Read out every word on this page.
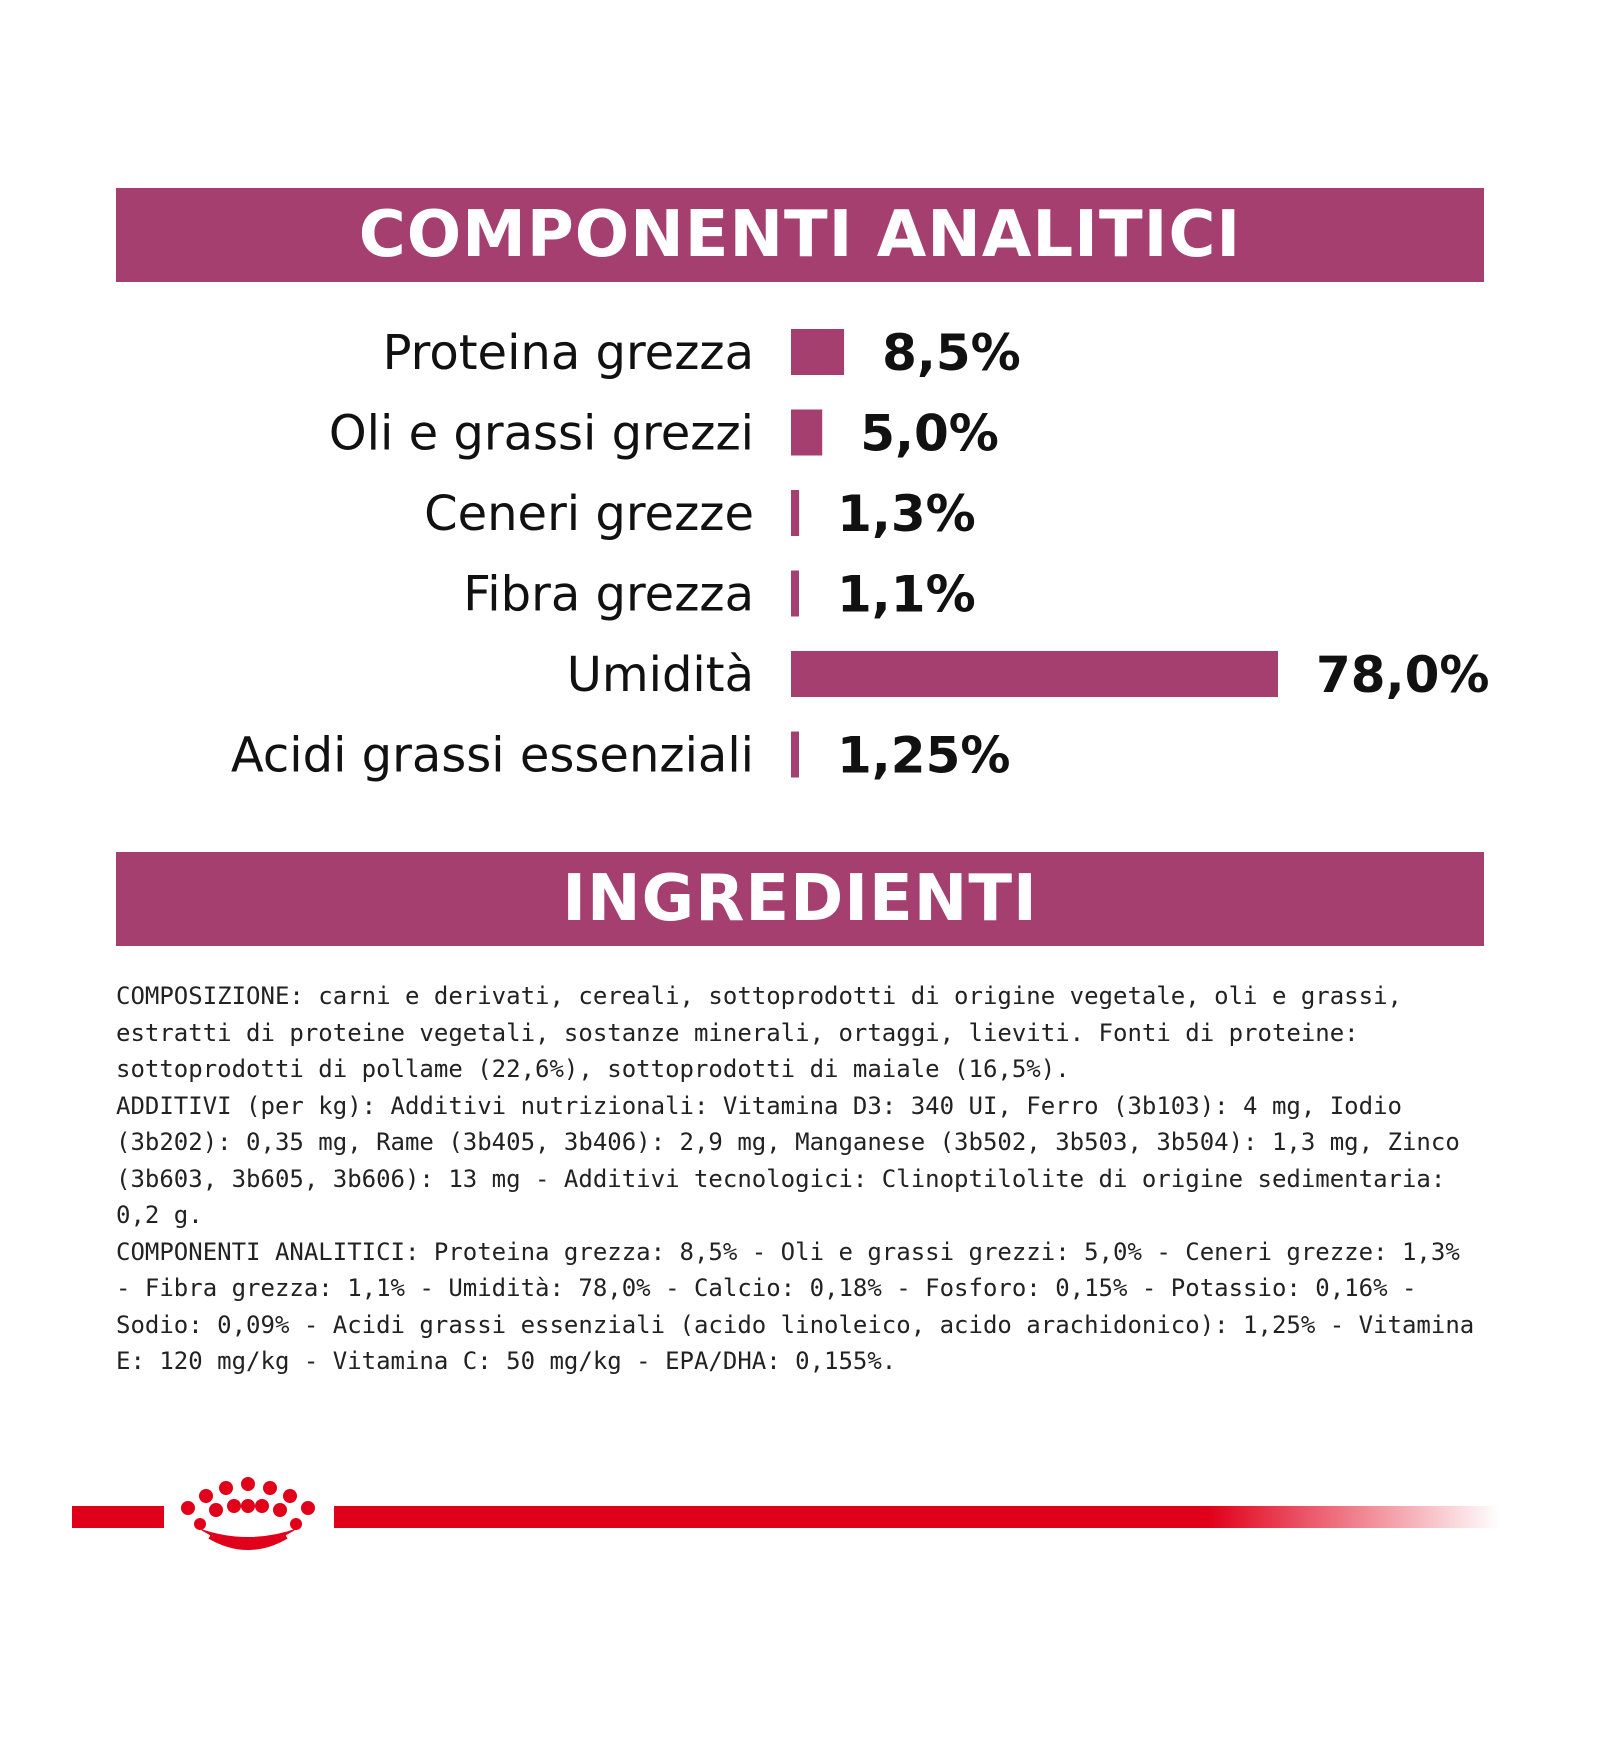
COMPONENTI ANALITICI
Proteina grezza	8,5%
Oli e grassi grezzi 5,0%
Ceneri grezze 1,3%
Fibra grezza 1,1%
Umidità	78,0%
Acidi grassi essenziali 1,25%
INGREDIENTI

COMPOSIZIONE: carni e derivati, cereali, sottoprodotti di origine vegetale, oli e grassi, estratti di proteine vegetali, sostanze minerali, ortaggi, lieviti. Fonti di proteine: sottoprodotti di pollame (22,6%), sottoprodotti di maiale (16,5%).

ADDITIVI (per kg): Additivi nutrizionali: Vitamina D3: 340 UI, Ferro (3b103): 4 mg, Iodio (3b202): 0,35 mg, Rame (3b405, 3b406): 2,9 mg, Manganese (3b502, 3b503, 3b504): 1,3 mg, Zinco (3b603, 3b605, 3b606): 13 mg - Additivi tecnologici: Clinoptilolite di origine sedimentaria: 0,2 g.

COMPONENTI ANALITICI: Proteina grezza: 8,5% - Oli e grassi grezzi: 5,0% - Ceneri grezze: 1,3% - Fibra grezza: 1,1% - Umidità: 78,0% - Calcio: 0,18% - Fosforo: 0,15% - Potassio: 0,16% - Sodio: 0,09% - Acidi grassi essenziali (acido linoleico, acido arachidonico): 1,25% - Vitamina E: 120 mg/kg - Vitamina C: 50 mg/kg - EPA/DHA: 0,155%.
